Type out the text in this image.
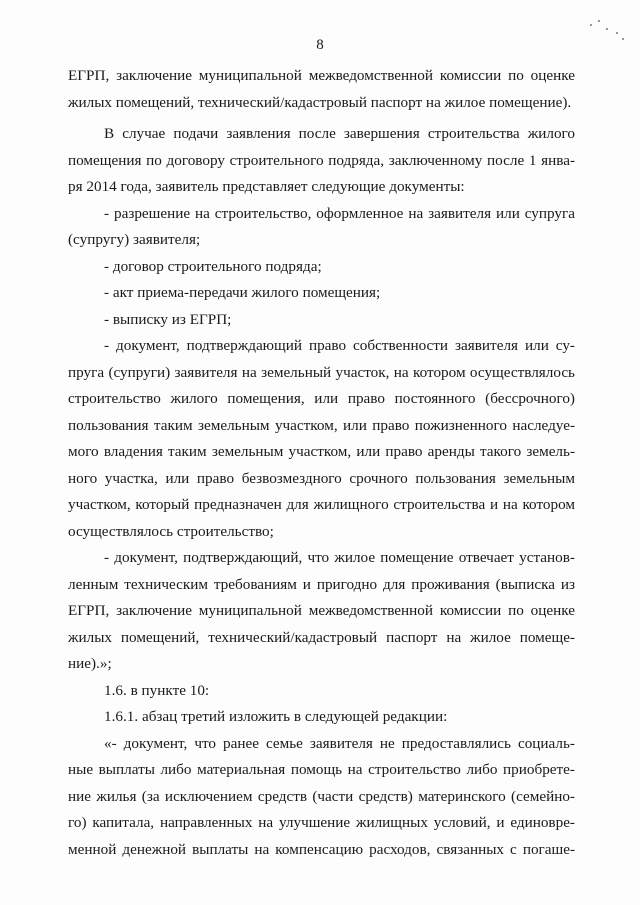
8
ЕГРП, заключение муниципальной межведомственной комиссии по оценке
жилых помещений, технический/кадастровый паспорт на жилое помещение).
В случае подачи заявления после завершения строительства жилого
помещения по договору строительного подряда, заключенному после 1 янва-
ря 2014 года, заявитель представляет следующие документы:
- разрешение на строительство, оформленное на заявителя или супруга
(супругу) заявителя;
- договор строительного подряда;
- акт приема-передачи жилого помещения;
- выписку из ЕГРП;
- документ, подтверждающий право собственности заявителя или су-
пруга (супруги) заявителя на земельный участок, на котором осуществлялось
строительство жилого помещения, или право постоянного (бессрочного)
пользования таким земельным участком, или право пожизненного наследуе-
мого владения таким земельным участком, или право аренды такого земель-
ного участка, или право безвозмездного срочного пользования земельным
участком, который предназначен для жилищного строительства и на котором
осуществлялось строительство;
- документ, подтверждающий, что жилое помещение отвечает установ-
ленным техническим требованиям и пригодно для проживания (выписка из
ЕГРП, заключение муниципальной межведомственной комиссии по оценке
жилых помещений, технический/кадастровый паспорт на жилое помеще-
ние).»;
1.6. в пункте 10:
1.6.1. абзац третий изложить в следующей редакции:
«- документ, что ранее семье заявителя не предоставлялись социаль-
ные выплаты либо материальная помощь на строительство либо приобрете-
ние жилья (за исключением средств (части средств) материнского (семейно-
го) капитала, направленных на улучшение жилищных условий, и единовре-
менной денежной выплаты на компенсацию расходов, связанных с погаше-
